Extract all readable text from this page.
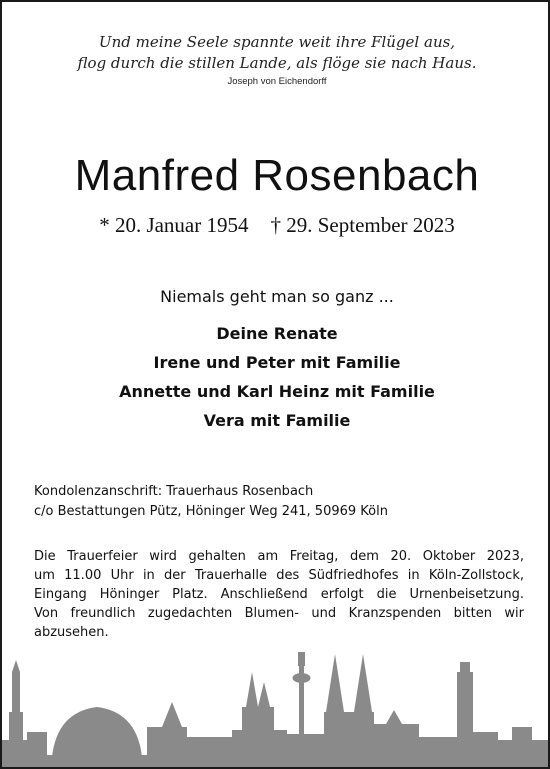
Und meine Seele spannte weit ihre Flügel aus,
flog durch die stillen Lande, als flöge sie nach Haus.
Joseph von Eichendorff
Manfred Rosenbach
* 20. Januar 1954 † 29. September 2023
Niemals geht man so ganz ...
Deine Renate
Irene und Peter mit Familie
Annette und Karl Heinz mit Familie
Vera mit Familie
Kondolenzanschrift: Trauerhaus Rosenbach
c/o Bestattungen Pütz, Höninger Weg 241, 50969 Köln
Die Trauerfeier wird gehalten am Freitag, dem 20. Oktober 2023,
um 11.00 Uhr in der Trauerhalle des Südfriedhofes in Köln-Zollstock,
Eingang Höninger Platz. Anschließend erfolgt die Urnenbeisetzung.
Von freundlich zugedachten Blumen- und Kranzspenden bitten wir
abzusehen.
